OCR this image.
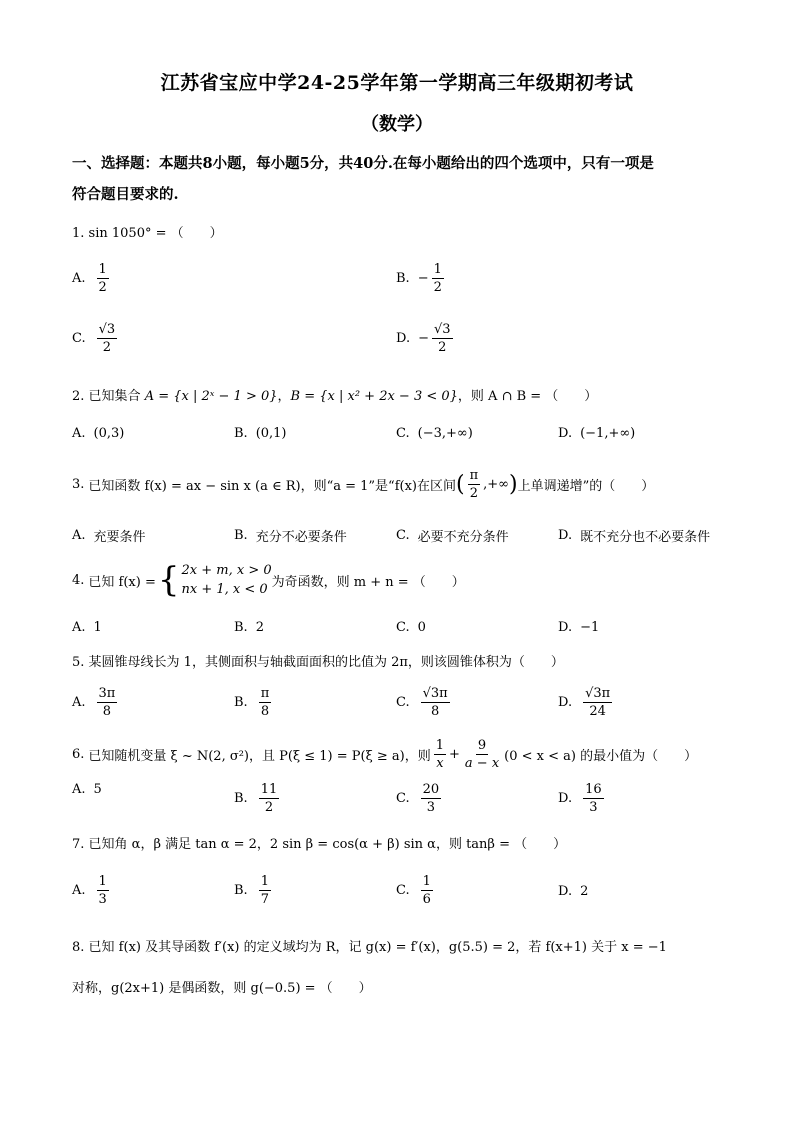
江苏省宝应中学24-25学年第一学期高三年级期初考试
（数学）
一、选择题：本题共8小题，每小题5分，共40分.在每小题给出的四个选项中，只有一项是
符合题目要求的.
1. sin 1050° = （　　）
A. $\frac{1}{2}$	B. − $\frac{1}{2}$
C. $\frac{√3}{2}$	D. − $\frac{√3}{2}$
2. 已知集合 A = {x | 2ˣ − 1 > 0}，B = {x | x² + 2x − 3 < 0}，则 A ∩ B = （　　）
A. (0,3)	B. (0,1)	C. (−3,+∞)	D. (−1,+∞)
3. 已知函数 f(x) = ax − sin x (a ∈ R)，则“a = 1”是“f(x)在区间 ( $\frac{\pi}{2}$ ,+∞ ) 上单调递增”的（　　）
A. 充要条件	B. 充分不必要条件	C. 必要不充分条件	D. 既不充分也不必要条件
4. 已知 f(x) = { 2x + m, x > 0
nx + 1, x < 0 为奇函数，则 m + n = （　　）
A. 1	B. 2	C. 0	D. −1
5. 某圆锥母线长为 1，其侧面积与轴截面面积的比值为 2π，则该圆锥体积为（　　）
A. $\frac{3\pi}{8}$	B. $\frac{\pi}{8}$	C. $\frac{√3\pi}{8}$	D. $\frac{√3\pi}{24}$
6. 已知随机变量 ξ ~ N(2, σ²)，且 P(ξ ≤ 1) = P(ξ ≥ a)，则 $\frac{1}{x} + \frac{9}{a - x} (0 < x < a)$ 的最小值为（　　）
A. 5
B. $\frac{11}{2}$	C. $\frac{20}{3}$	D. $\frac{16}{3}$
7. 已知角 α，β 满足 tan α = 2，2 sin β = cos(α + β) sin α，则 tanβ = （　　）
A. $\frac{1}{3}$	B. $\frac{1}{7}$	C. $\frac{1}{6}$	D. 2
8. 已知 f(x) 及其导函数 f′(x) 的定义域均为 R，记 g(x) = f′(x)，g(5.5) = 2，若 f(x+1) 关于 x = −1
对称，g(2x+1) 是偶函数，则 g(−0.5) = （　　）
